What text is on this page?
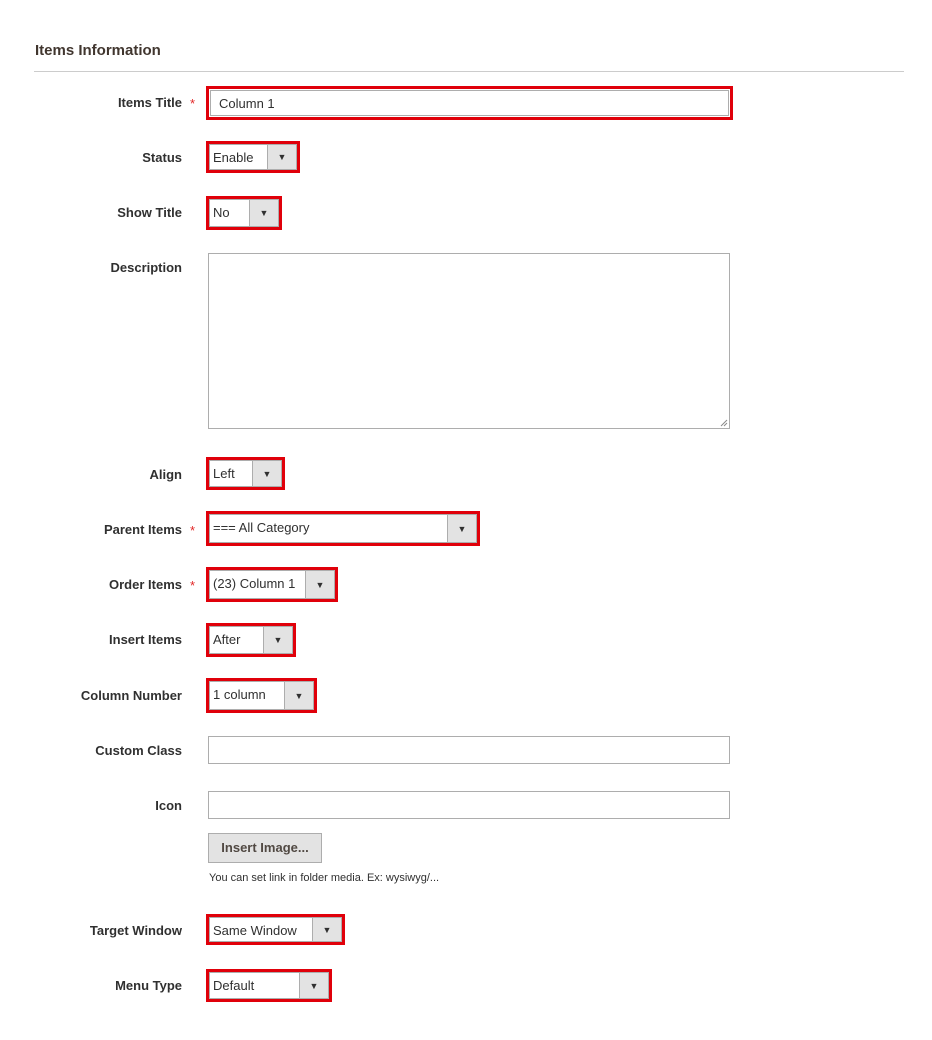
Items Information
Items Title *	Column 1
Status Enable	▼
Show Title No	▼
Description
Align Left	▼
Parent Items * === All Category	▼
Order Items * (23) Column 1	▼
Insert Items After	▼
Column Number 1 column	▼
Custom Class
Icon
Insert Image...
You can set link in folder media. Ex: wysiwyg/...
Target Window Same Window	▼
Menu Type Default	▼
